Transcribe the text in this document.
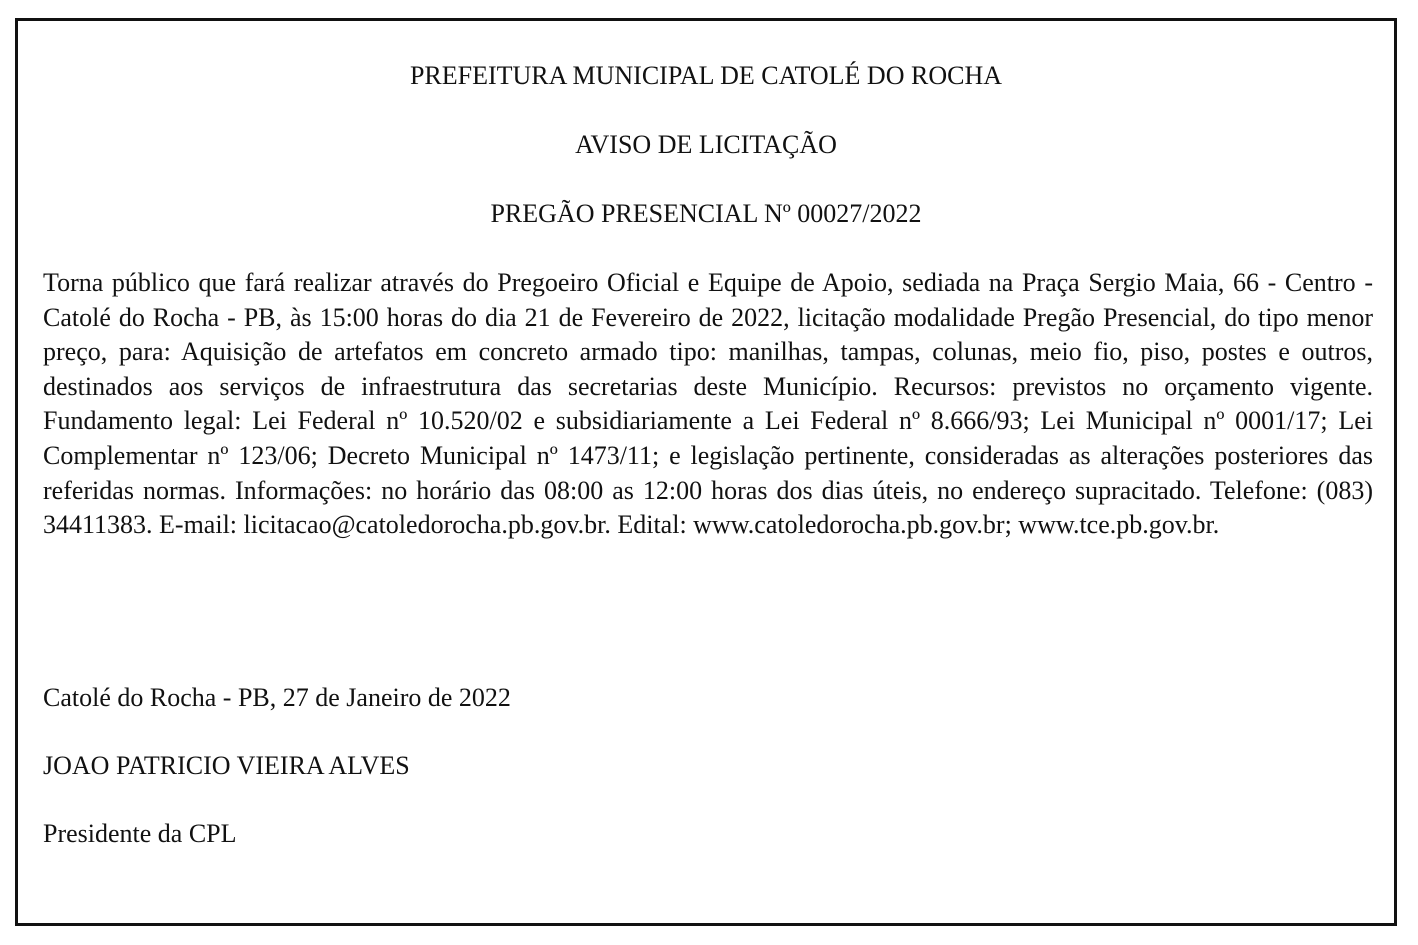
PREFEITURA MUNICIPAL DE CATOLÉ DO ROCHA
AVISO DE LICITAÇÃO
PREGÃO PRESENCIAL Nº 00027/2022

Torna público que fará realizar através do Pregoeiro Oficial e Equipe de Apoio, sediada na Praça Sergio Maia, 66 - Centro - Catolé do Rocha - PB, às 15:00 horas do dia 21 de Fevereiro de 2022, licitação modalidade Pregão Presencial, do tipo menor preço, para: Aquisição de artefatos em concreto armado tipo: manilhas, tampas, colunas, meio fio, piso, postes e outros, destinados aos serviços de infraestrutura das secretarias deste Município. Recursos: previstos no orçamento vigente. Fundamento legal: Lei Federal nº 10.520/02 e subsidiariamente a Lei Federal nº 8.666/93; Lei Municipal nº 0001/17; Lei Complementar nº 123/06; Decreto Municipal nº 1473/11; e legislação pertinente, consideradas as alterações posteriores das referidas normas. Informações: no horário das 08:00 as 12:00 horas dos dias úteis, no endereço supracitado. Telefone: (083) 34411383. E-mail: licitacao@catoledorocha.pb.gov.br. Edital: www.catoledorocha.pb.gov.br; www.tce.pb.gov.br.

Catolé do Rocha - PB, 27 de Janeiro de 2022
JOAO PATRICIO VIEIRA ALVES
Presidente da CPL
